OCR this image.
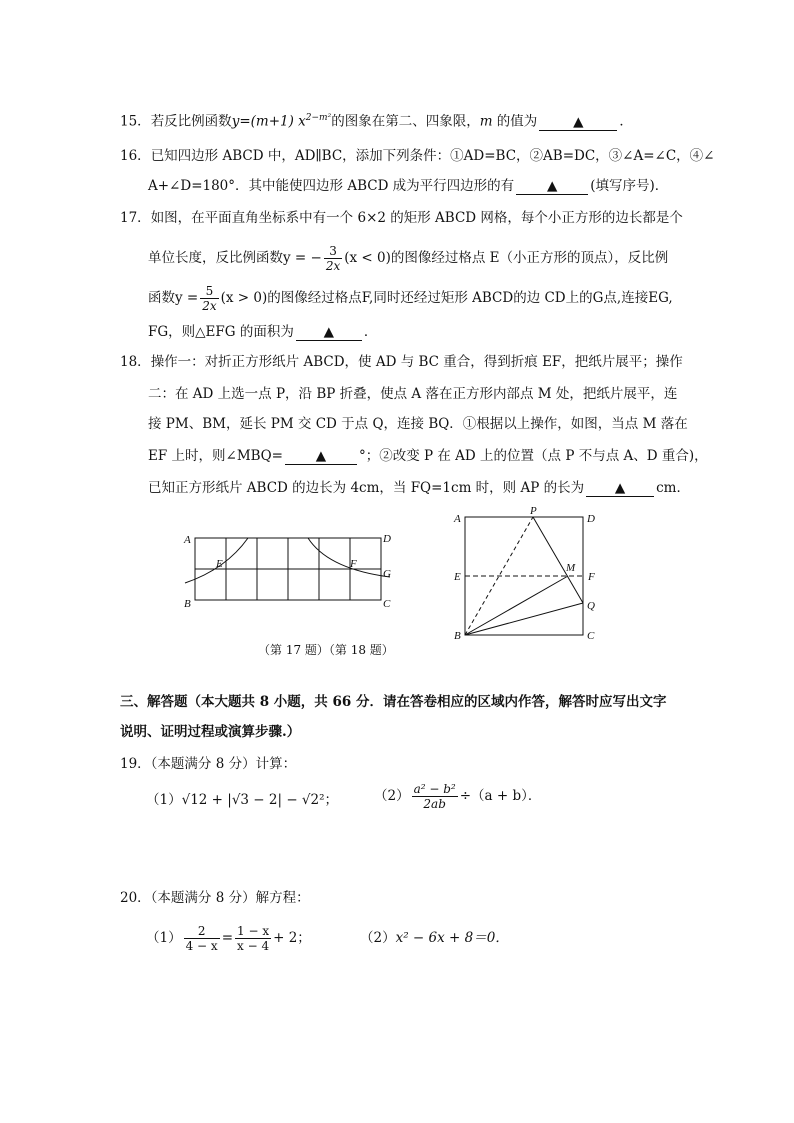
15．若反比例函数y=(m+1) $x^{2-m^2}$的图象在第二、四象限，m 的值为	▲	．
16．已知四边形 ABCD 中，AD∥BC，添加下列条件：①AD=BC，②AB=DC，③∠A=∠C，④∠
A+∠D=180°．其中能使四边形 ABCD 成为平行四边形的有 ▲ (填写序号)．
17．如图，在平面直角坐标系中有一个 6×2 的矩形 ABCD 网格，每个小正方形的边长都是个
单位长度，反比例函数y = − $\frac{3}{2x} (x < 0)$的图像经过格点 E（小正方形的顶点），反比例
函数$y = \frac{5}{2x} (x > 0)$的图像经过格点F,同时还经过矩形 ABCD的边 CD上的G点,连接EG,
FG，则△EFG 的面积为 ▲ ．
18．操作一：对折正方形纸片 ABCD，使 AD 与 BC 重合，得到折痕 EF，把纸片展平；操作
二：在 AD 上选一点 P，沿 BP 折叠，使点 A 落在正方形内部点 M 处，把纸片展平，连
接 PM、BM，延长 PM 交 CD 于点 Q，连接 BQ．①根据以上操作，如图，当点 M 落在
EF 上时，则∠MBQ= ▲ °；②改变 P 在 AD 上的位置（点 P 不与点 A、D 重合)，
已知正方形纸片 ABCD 的边长为 4cm，当 FQ=1cm 时，则 AP 的长为 ▲ cm．
A	D
E	F
G
B	C
A
P
D
E
M
F
Q
B	C
（第 17 题）（第 18 题）
三、解答题（本大题共 8 小题，共 66 分．请在答卷相应的区域内作答，解答时应写出文字
说明、证明过程或演算步骤.）
19．（本题满分 8 分）计算：
（1）√12 + |√3 − 2| − √2²；	$(2) \frac{\text{a² − b²}}{2ab} \div(a + b)$．
20．（本题满分 8 分）解方程：
$(1) \frac{2}{4 - x} = \frac{1 - x}{x - 4} + 2$；	（2）x² − 6x + 8＝0．
